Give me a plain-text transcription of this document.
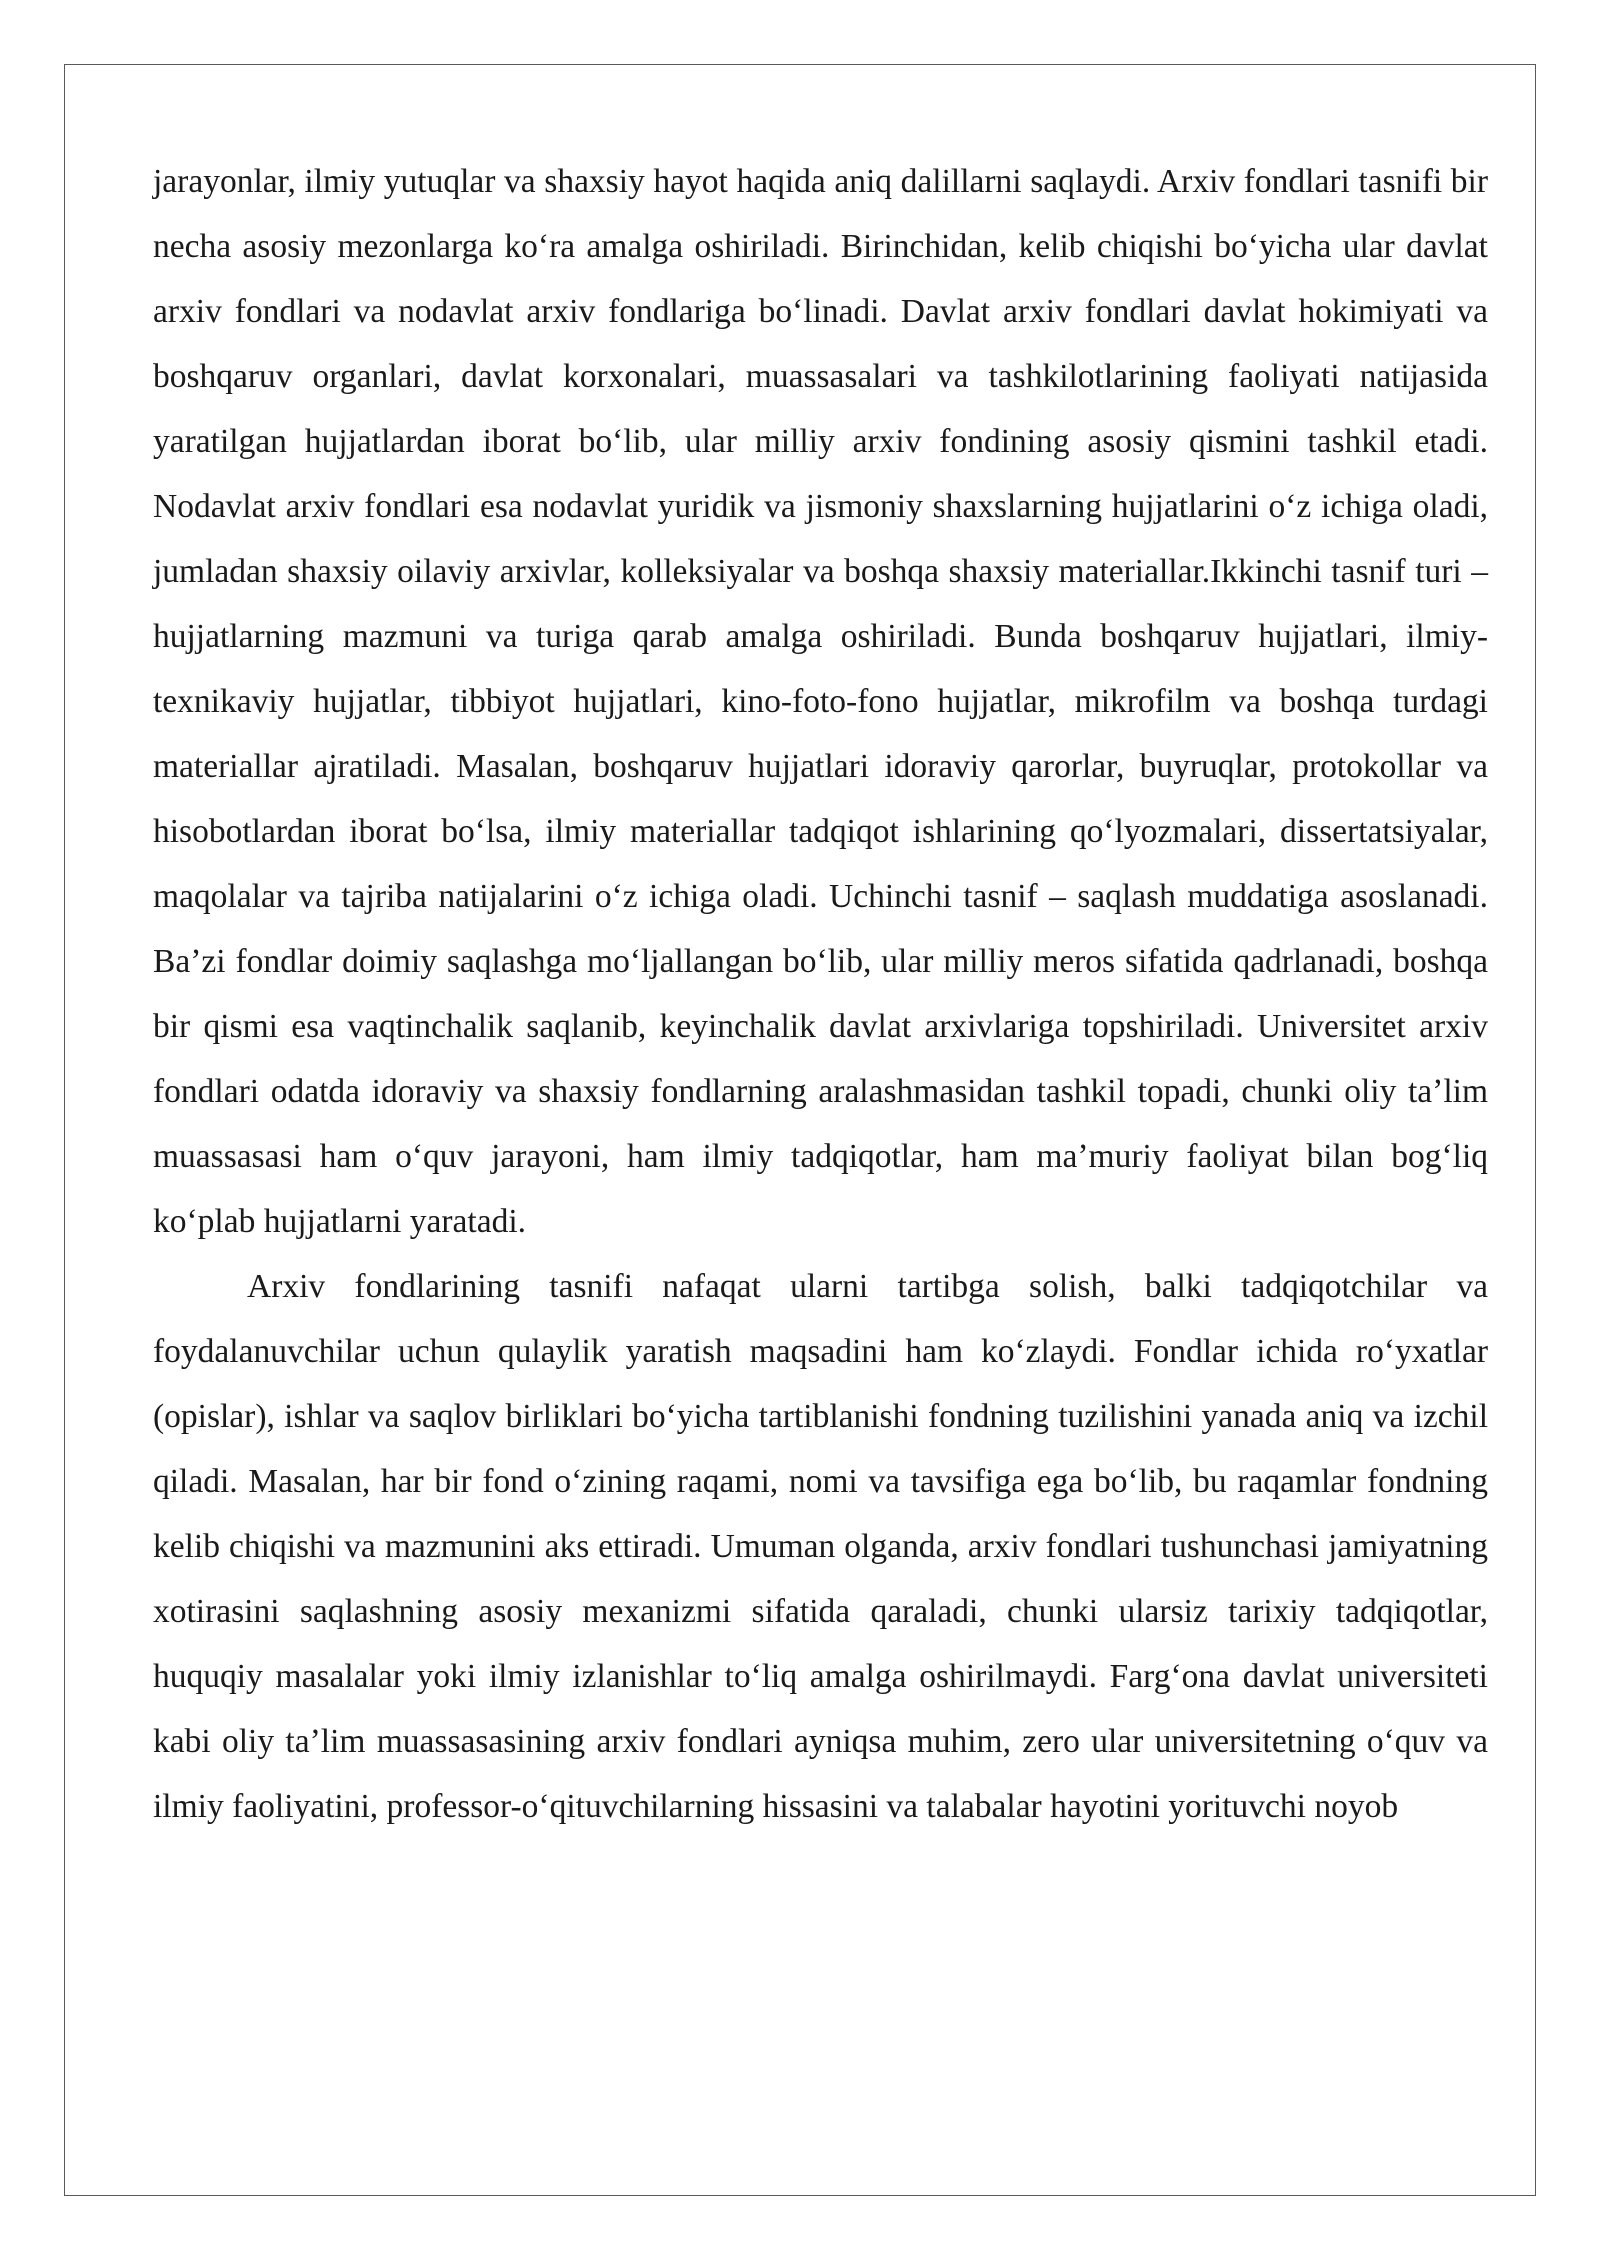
jarayonlar, ilmiy yutuqlar va shaxsiy hayot haqida aniq dalillarni saqlaydi. Arxiv fondlari tasnifi bir necha asosiy mezonlarga koʻra amalga oshiriladi. Birinchidan, kelib chiqishi boʻyicha ular davlat arxiv fondlari va nodavlat arxiv fondlariga boʻlinadi. Davlat arxiv fondlari davlat hokimiyati va boshqaruv organlari, davlat korxonalari, muassasalari va tashkilotlarining faoliyati natijasida yaratilgan hujjatlardan iborat boʻlib, ular milliy arxiv fondining asosiy qismini tashkil etadi. Nodavlat arxiv fondlari esa nodavlat yuridik va jismoniy shaxslarning hujjatlarini oʻz ichiga oladi, jumladan shaxsiy oilaviy arxivlar, kolleksiyalar va boshqa shaxsiy materiallar.Ikkinchi tasnif turi – hujjatlarning mazmuni va turiga qarab amalga oshiriladi. Bunda boshqaruv hujjatlari, ilmiy-texnikaviy hujjatlar, tibbiyot hujjatlari, kino-foto-fono hujjatlar, mikrofilm va boshqa turdagi materiallar ajratiladi. Masalan, boshqaruv hujjatlari idoraviy qarorlar, buyruqlar, protokollar va hisobotlardan iborat boʻlsa, ilmiy materiallar tadqiqot ishlarining qoʻlyozmalari, dissertatsiyalar, maqolalar va tajriba natijalarini oʻz ichiga oladi. Uchinchi tasnif – saqlash muddatiga asoslanadi. Baʼzi fondlar doimiy saqlashga moʻljallangan boʻlib, ular milliy meros sifatida qadrlanadi, boshqa bir qismi esa vaqtinchalik saqlanib, keyinchalik davlat arxivlariga topshiriladi. Universitet arxiv fondlari odatda idoraviy va shaxsiy fondlarning aralashmasidan tashkil topadi, chunki oliy taʼlim muassasasi ham oʻquv jarayoni, ham ilmiy tadqiqotlar, ham maʼmuriy faoliyat bilan bogʻliq koʻplab hujjatlarni yaratadi.

Arxiv fondlarining tasnifi nafaqat ularni tartibga solish, balki tadqiqotchilar va foydalanuvchilar uchun qulaylik yaratish maqsadini ham koʻzlaydi. Fondlar ichida roʻyxatlar (opislar), ishlar va saqlov birliklari boʻyicha tartiblanishi fondning tuzilishini yanada aniq va izchil qiladi. Masalan, har bir fond oʻzining raqami, nomi va tavsifiga ega boʻlib, bu raqamlar fondning kelib chiqishi va mazmunini aks ettiradi. Umuman olganda, arxiv fondlari tushunchasi jamiyatning xotirasini saqlashning asosiy mexanizmi sifatida qaraladi, chunki ularsiz tarixiy tadqiqotlar, huquqiy masalalar yoki ilmiy izlanishlar toʻliq amalga oshirilmaydi. Fargʻona davlat universiteti kabi oliy taʼlim muassasasining arxiv fondlari ayniqsa muhim, zero ular universitetning oʻquv va ilmiy faoliyatini, professor-oʻqituvchilarning hissasini va talabalar hayotini yorituvchi noyob
